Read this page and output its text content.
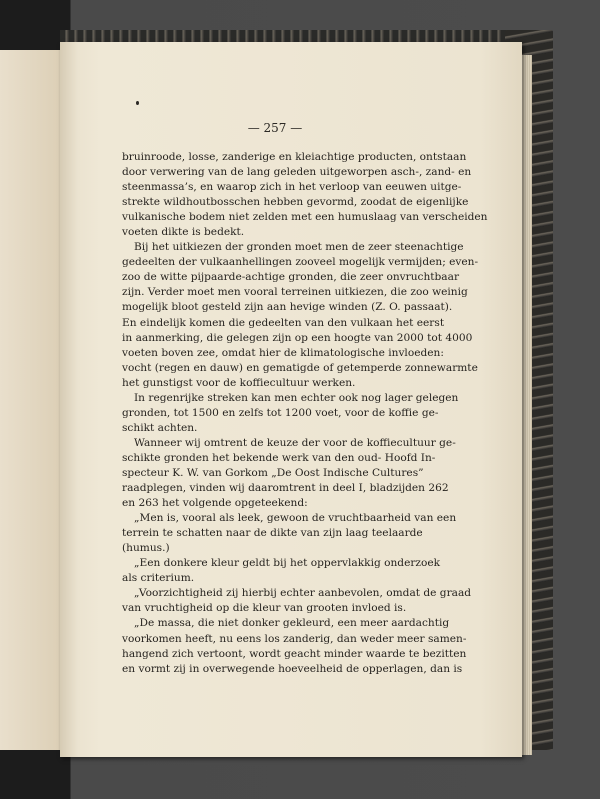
— 257 —
bruinroode, losse, zanderige en kleiachtige producten, ontstaan
door verwering van de lang geleden uitgeworpen asch-, zand- en
steenmassa’s, en waarop zich in het verloop van eeuwen uitge-
strekte wildhoutbosschen hebben gevormd, zoodat de eigenlijke
vulkanische bodem niet zelden met een humuslaag van verscheiden
voeten dikte is bedekt.
Bij het uitkiezen der gronden moet men de zeer steenachtige
gedeelten der vulkaanhellingen zooveel mogelijk vermijden; even-
zoo de witte pijpaarde-achtige gronden, die zeer onvruchtbaar
zijn. Verder moet men vooral terreinen uitkiezen, die zoo weinig
mogelijk bloot gesteld zijn aan hevige winden (Z. O. passaat).
En eindelijk komen die gedeelten van den vulkaan het eerst
in aanmerking, die gelegen zijn op een hoogte van 2000 tot 4000
voeten boven zee, omdat hier de klimatologische invloeden:
vocht (regen en dauw) en gematigde of getemperde zonnewarmte
het gunstigst voor de koffiecultuur werken.
In regenrijke streken kan men echter ook nog lager gelegen
gronden, tot 1500 en zelfs tot 1200 voet, voor de koffie ge-
schikt achten.
Wanneer wij omtrent de keuze der voor de koffiecultuur ge-
schikte gronden het bekende werk van den oud- Hoofd In-
specteur K. W. van Gorkom „De Oost Indische Cultures”
raadplegen, vinden wij daaromtrent in deel I, bladzijden 262
en 263 het volgende opgeteekend:
„Men is, vooral als leek, gewoon de vruchtbaarheid van een
terrein te schatten naar de dikte van zijn laag teelaarde
(humus.)
„Een donkere kleur geldt bij het oppervlakkig onderzoek
als criterium.
„Voorzichtigheid zij hierbij echter aanbevolen, omdat de graad
van vruchtigheid op die kleur van grooten invloed is.
„De massa, die niet donker gekleurd, een meer aardachtig
voorkomen heeft, nu eens los zanderig, dan weder meer samen-
hangend zich vertoont, wordt geacht minder waarde te bezitten
en vormt zij in overwegende hoeveelheid de opperlagen, dan is
